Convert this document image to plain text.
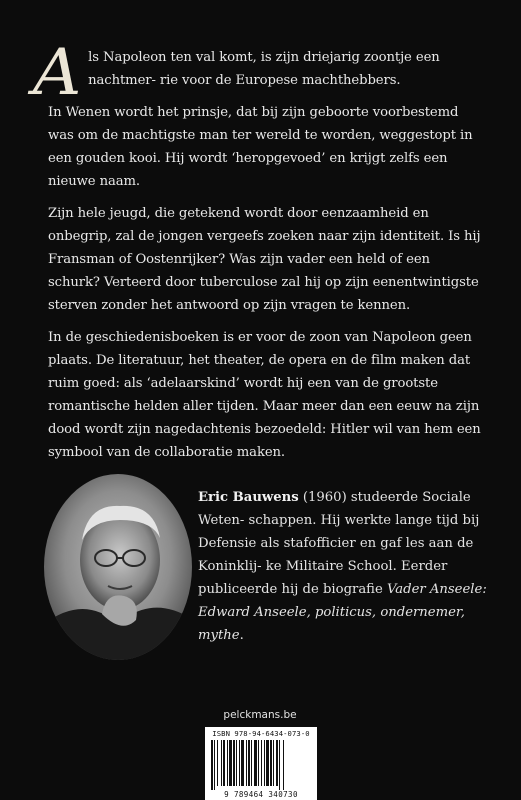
Als Napoleon ten val komt, is zijn driejarig zoontje een nachtmer- rie voor de Europese machthebbers.

In Wenen wordt het prinsje, dat bij zijn geboorte voorbestemd was om de machtigste man ter wereld te worden, weggestopt in een gouden kooi. Hij wordt ‘heropgevoed’ en krijgt zelfs een nieuwe naam.

Zijn hele jeugd, die getekend wordt door eenzaamheid en onbegrip, zal de jongen vergeefs zoeken naar zijn identiteit. Is hij Fransman of Oostenrijker? Was zijn vader een held of een schurk? Verteerd door tuberculose zal hij op zijn eenentwintigste sterven zonder het antwoord op zijn vragen te kennen.

In de geschiedenisboeken is er voor de zoon van Napoleon geen plaats. De literatuur, het theater, de opera en de film maken dat ruim goed: als ‘adelaarskind’ wordt hij een van de grootste romantische helden aller tijden. Maar meer dan een eeuw na zijn dood wordt zijn nagedachtenis bezoedeld: Hitler wil van hem een symbool van de collaboratie maken.

Eric Bauwens (1960) studeerde Sociale Weten- schappen. Hij werkte lange tijd bij Defensie als stafofficier en gaf les aan de Koninklij- ke Militaire School. Eerder publiceerde hij de biografie Vader Anseele: Edward Anseele, politicus, ondernemer, mythe.
pelckmans.be
ISBN 978-94-6434-073-0
9 789464 340730
